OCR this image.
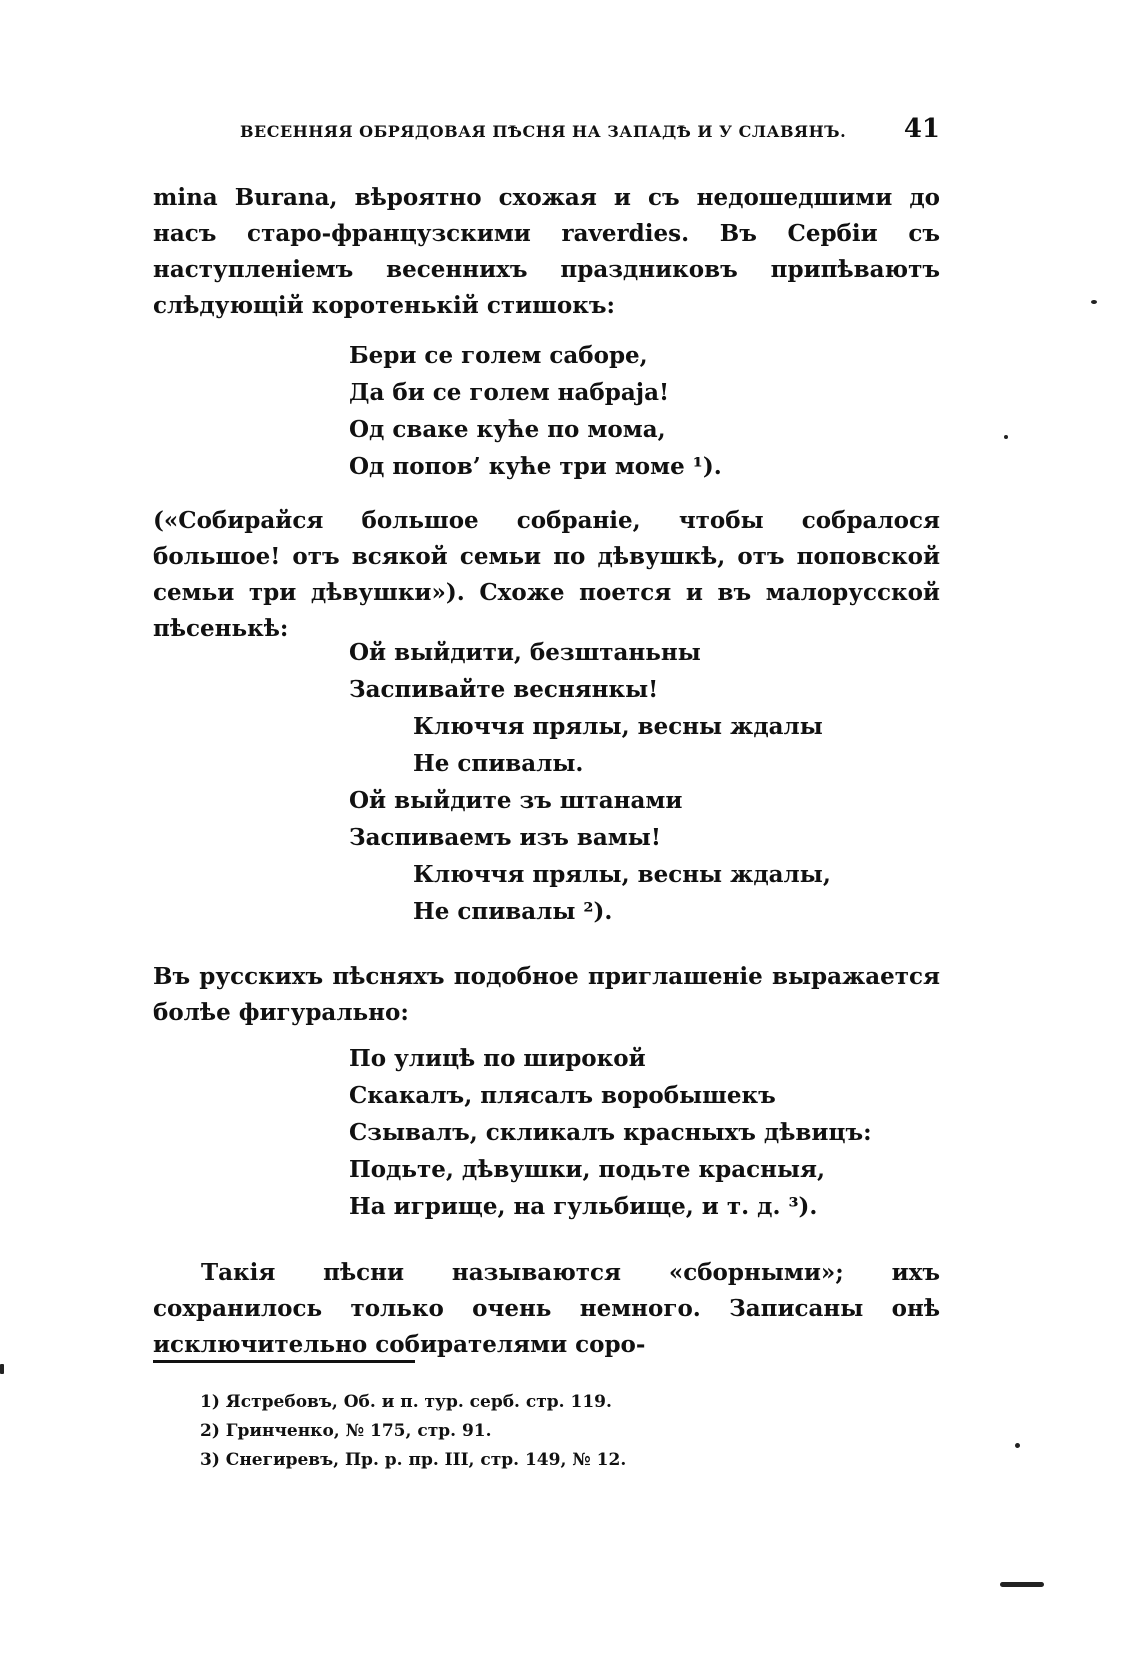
ВЕСЕННЯЯ ОБРЯДОВАЯ ПѢСНЯ НА ЗАПАДѢ И У СЛАВЯНЪ. 41

mina Burana, вѣроятно схожая и съ недошедшими до насъ старо-французскими raverdies. Въ Сербіи съ наступленіемъ весеннихъ праздниковъ припѣваютъ слѣдующій коротенькій стишокъ:

Бери се голем саборе,
Да би се голем набраjа!
Од сваке куће по мома,
Од попов’ куће три моме ¹).

(«Собирайся большое собраніе, чтобы собралося большое! отъ всякой семьи по дѣвушкѣ, отъ поповской семьи три дѣвушки»). Схоже поется и въ малорусской пѣсенькѣ:

Ой выйдити, безштаньны
Заспивайте веснянкы!
Ключчя прялы, весны ждалы
Не спивалы.
Ой выйдите зъ штанами
Заспиваемъ изъ вамы!
Ключчя прялы, весны ждалы,
Не спивалы ²).

Въ русскихъ пѣсняхъ подобное приглашеніе выражается болѣе фигурально:

По улицѣ по широкой
Скакалъ, плясалъ воробышекъ
Сзывалъ, скликалъ красныхъ дѣвицъ:
Подьте, дѣвушки, подьте красныя,
На игрище, на гульбище, и т. д. ³).

Такія пѣсни называются «сборными»; ихъ сохранилось только очень немного. Записаны онѣ исключительно собирателями соро-

1) Ястребовъ, Об. и п. тур. серб. стр. 119.
2) Гринченко, № 175, стр. 91.
3) Снегиревъ, Пр. р. пр. III, стр. 149, № 12.
